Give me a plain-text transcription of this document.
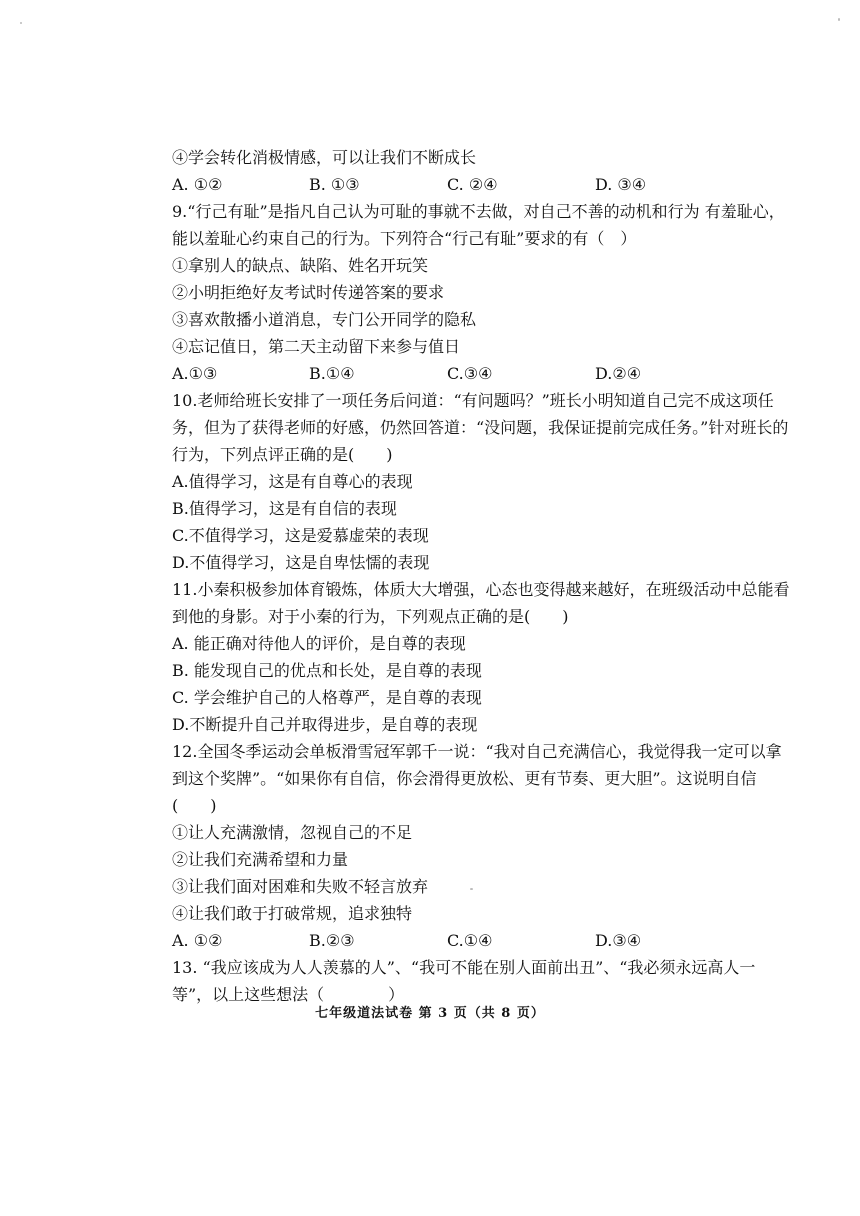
④学会转化消极情感，可以让我们不断成长
A. ①②	B. ①③	C. ②④	D. ③④
9.“行己有耻”是指凡自己认为可耻的事就不去做，对自己不善的动机和行为 有羞耻心，能以羞耻心约束自己的行为。下列符合“行己有耻”要求的有（　）
①拿别人的缺点、缺陷、姓名开玩笑
②小明拒绝好友考试时传递答案的要求
③喜欢散播小道消息，专门公开同学的隐私
④忘记值日，第二天主动留下来参与值日
A.①③	B.①④	C.③④	D.②④
10.老师给班长安排了一项任务后问道：“有问题吗？”班长小明知道自己完不成这项任务，但为了获得老师的好感，仍然回答道：“没问题，我保证提前完成任务。”针对班长的行为，下列点评正确的是(　　)
A.值得学习，这是有自尊心的表现
B.值得学习，这是有自信的表现
C.不值得学习，这是爱慕虚荣的表现
D.不值得学习，这是自卑怯懦的表现
11.小秦积极参加体育锻炼，体质大大增强，心态也变得越来越好，在班级活动中总能看到他的身影。对于小秦的行为，下列观点正确的是(　　)
A. 能正确对待他人的评价，是自尊的表现
B. 能发现自己的优点和长处，是自尊的表现
C. 学会维护自己的人格尊严，是自尊的表现
D.不断提升自己并取得进步，是自尊的表现
12.全国冬季运动会单板滑雪冠军郭千一说：“我对自己充满信心，我觉得我一定可以拿到这个奖牌”。“如果你有自信，你会滑得更放松、更有节奏、更大胆”。这说明自信(　　)
①让人充满激情，忽视自己的不足
②让我们充满希望和力量
③让我们面对困难和失败不轻言放弃
④让我们敢于打破常规，追求独特
A. ①②	B.②③	C.①④	D.③④
13. “我应该成为人人羡慕的人”、“我可不能在别人面前出丑”、“我必须永远高人一等”，以上这些想法（　　　　）
七年级道法试卷 第 3 页（共 8 页）
